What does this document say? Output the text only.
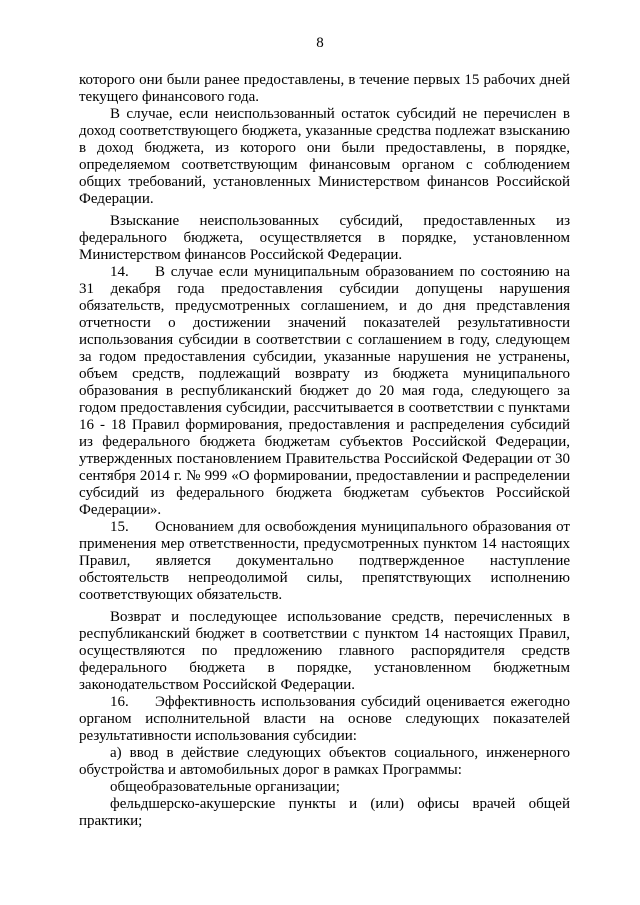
8

которого они были ранее предоставлены, в течение первых 15 рабочих дней текущего финансового года.

В случае, если неиспользованный остаток субсидий не перечислен в доход соответствующего бюджета, указанные средства подлежат взысканию в доход бюджета, из которого они были предоставлены, в порядке, определяемом соответствующим финансовым органом с соблюдением общих требований, установленных Министерством финансов Российской Федерации.

Взыскание неиспользованных субсидий, предоставленных из федерального бюджета, осуществляется в порядке, установленном Министерством финансов Российской Федерации.

14. В случае если муниципальным образованием по состоянию на 31 декабря года предоставления субсидии допущены нарушения обязательств, предусмотренных соглашением, и до дня представления отчетности о достижении значений показателей результативности использования субсидии в соответствии с соглашением в году, следующем за годом предоставления субсидии, указанные нарушения не устранены, объем средств, подлежащий возврату из бюджета муниципального образования в республиканский бюджет до 20 мая года, следующего за годом предоставления субсидии, рассчитывается в соответствии с пунктами 16 - 18 Правил формирования, предоставления и распределения субсидий из федерального бюджета бюджетам субъектов Российской Федерации, утвержденных постановлением Правительства Российской Федерации от 30 сентября 2014 г. № 999 «О формировании, предоставлении и распределении субсидий из федерального бюджета бюджетам субъектов Российской Федерации».

15. Основанием для освобождения муниципального образования от применения мер ответственности, предусмотренных пунктом 14 настоящих Правил, является документально подтвержденное наступление обстоятельств непреодолимой силы, препятствующих исполнению соответствующих обязательств.

Возврат и последующее использование средств, перечисленных в республиканский бюджет в соответствии с пунктом 14 настоящих Правил, осуществляются по предложению главного распорядителя средств федерального бюджета в порядке, установленном бюджетным законодательством Российской Федерации.

16. Эффективность использования субсидий оценивается ежегодно органом исполнительной власти на основе следующих показателей результативности использования субсидии:

а) ввод в действие следующих объектов социального, инженерного обустройства и автомобильных дорог в рамках Программы:

общеобразовательные организации;

фельдшерско-акушерские пункты и (или) офисы врачей общей практики;
